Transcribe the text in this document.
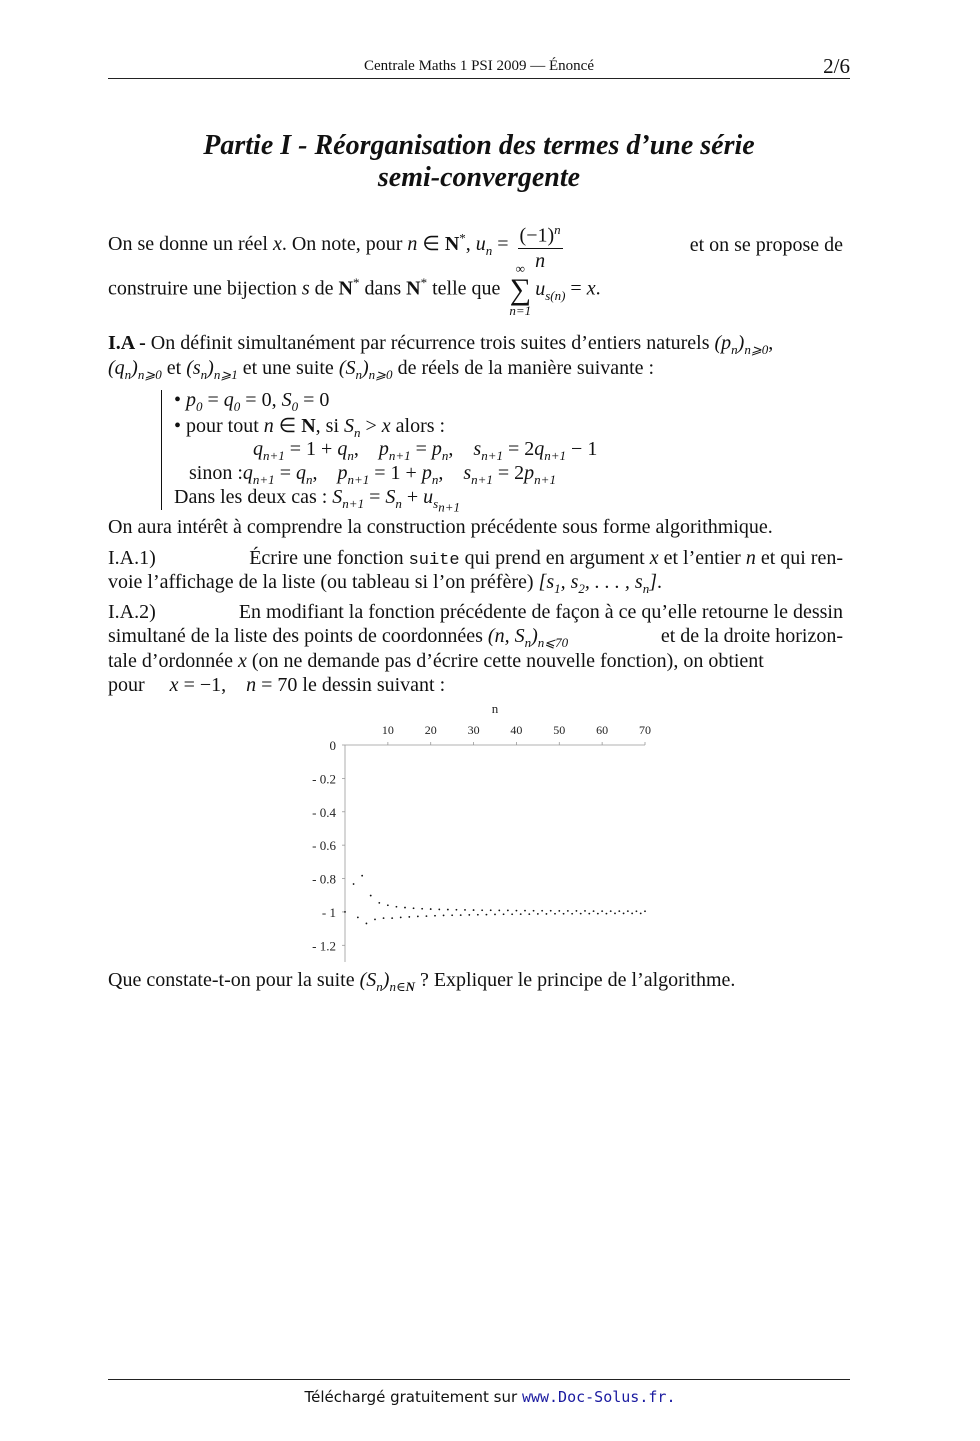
Centrale Maths 1 PSI 2009 — Énoncé	2/6
Partie I - Réorganisation des termes d’une série
semi-convergente
On se donne un réel x. On note, pour n ∈ N*, $u_n = \frac{(-1)^n}{n}$	et on se propose de
construire une bijection s de N* dans N* telle que ∞
∑
$n=1u_{s(n)} = x$.
I.A - On définit simultanément par récurrence trois suites d’entiers naturels $(p_n)_{n⩾0}$,
$(q_n)_{n⩾0}$ et $(s_n)_{n⩾1}$ et une suite $(S_n)_{n⩾0}$ de réels de la manière suivante :
• $p_0 = q_0 = 0$, $S_0 = 0$
• pour tout n ∈ N, si $S_n > x$ alors :
$q_{n+1} = 1 + q_n$,    $p_{n+1} = p_n$,    $s_{n+1} = 2q_{n+1} - 1$
sinon $:q_{n+1} = q_n$,    $p_{n+1} = 1 + p_n$,    $s_{n+1} = 2p_{n+1}$
Dans les deux cas : $S_{n+1} = S_n + u_{s_{n+1}}$
On aura intérêt à comprendre la construction précédente sous forme algorithmique.
I.A.1)	Écrire une fonction suite qui prend en argument x et l’entier n et qui ren-
voie l’affichage de la liste (ou tableau si l’on préfère) [$s_1$, $s_2$, . . . , $s_n$].
I.A.2)	En modifiant la fonction précédente de façon à ce qu’elle retourne le dessin
simultané de la liste des points de coordonnées (n, $S_n)_{n⩽70}$	et de la droite horizon-
tale d’ordonnée x (on ne demande pas d’écrire cette nouvelle fonction), on obtient
pour x = −1,    n = 70 le dessin suivant :
n
10	20	30	40	50	60	70
0
- 0.2
- 0.4
- 0.6
- 0.8
- 1
- 1.2
Que constate-t-on pour la suite $(S_n)_{n\in N}$ ? Expliquer le principe de l’algorithme.
Téléchargé gratuitement sur www.Doc-Solus.fr.
